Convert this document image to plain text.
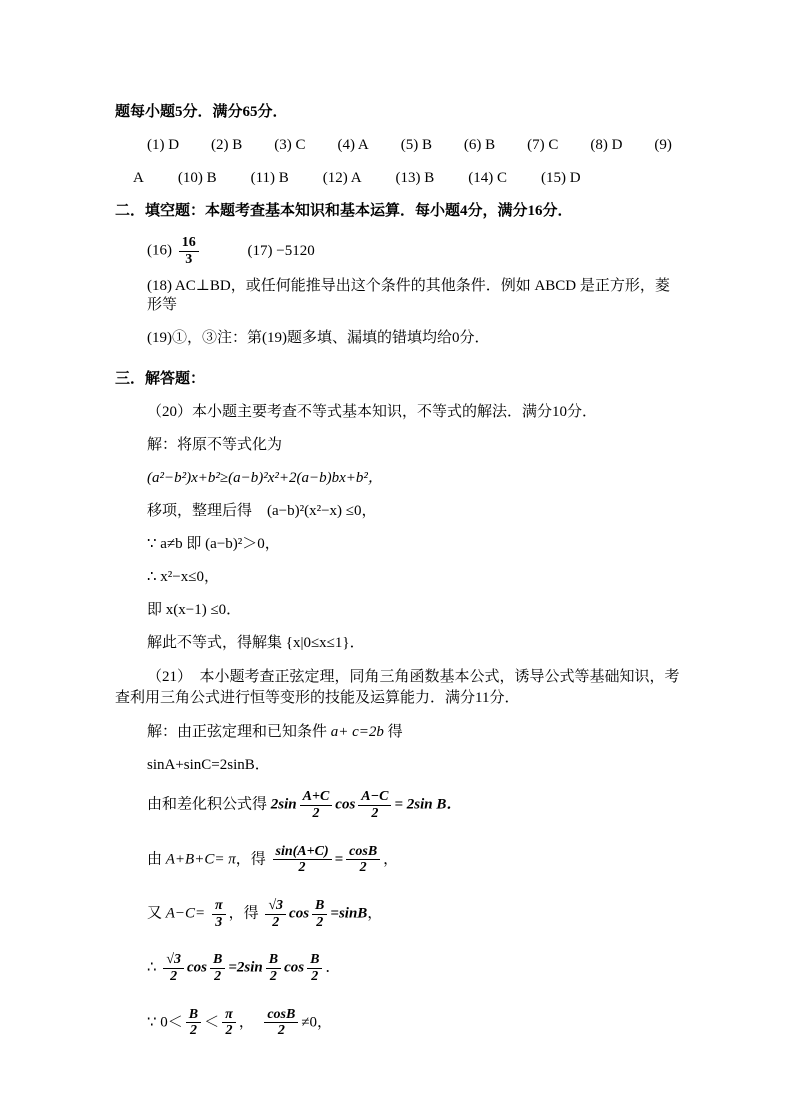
题每小题5分．满分65分．

(1) D (2) B (3) C (4) A (5) B (6) B (7) C (8) D (9)
A (10) B (11) B (12) A (13) B (14) C (15) D

二．填空题：本题考查基本知识和基本运算．每小题4分，满分16分．

$(16) \frac{16}{3}$	(17) −5120

(18) AC⊥BD，或任何能推导出这个条件的其他条件．例如 ABCD 是正方形，菱形等

(19)①，③注：第(19)题多填、漏填的错填均给0分．

三．解答题：

（20）本小题主要考查不等式基本知识，不等式的解法．满分10分．

解：将原不等式化为

(a²−b²)x+b²≥(a−b)²x²+2(a−b)bx+b²，

移项，整理后得　(a−b)²(x²−x) ≤0，

∵ a≠b 即 (a−b)²＞0，

∴ x²−x≤0，

即 x(x−1) ≤0．

解此不等式，得解集 {x|0≤x≤1}．

（21）　本小题考查正弦定理，同角三角函数基本公式，诱导公式等基础知识，考查利用三角公式进行恒等变形的技能及运算能力．满分11分．

解：由正弦定理和已知条件 a+ c=2b 得

sinA+sinC=2sinB．

由和差化积公式得 $2\sin \frac{A+C}{2}$ $\cos \frac{A-C}{2} = 2\sin$ B．

由 A+B+C= π，得 $\frac{\sin(A+C)}{2} = \frac{\cos B}{2}$ ，

又 $A-C= \frac{\pi}{3}$ ，得 $\frac{√3}{2}$ $\cos \frac{B}{2} =\sin B$，

∴ $\frac{√3}{2}$ $\cos \frac{B}{2} =2\sin \frac{B}{2}$ $\cos \frac{B}{2}$ ．

∵ $0< \frac{B}{2} < \frac{\pi}{2}$ ，　 $\frac{\cos B}{2} \ne 0$，
